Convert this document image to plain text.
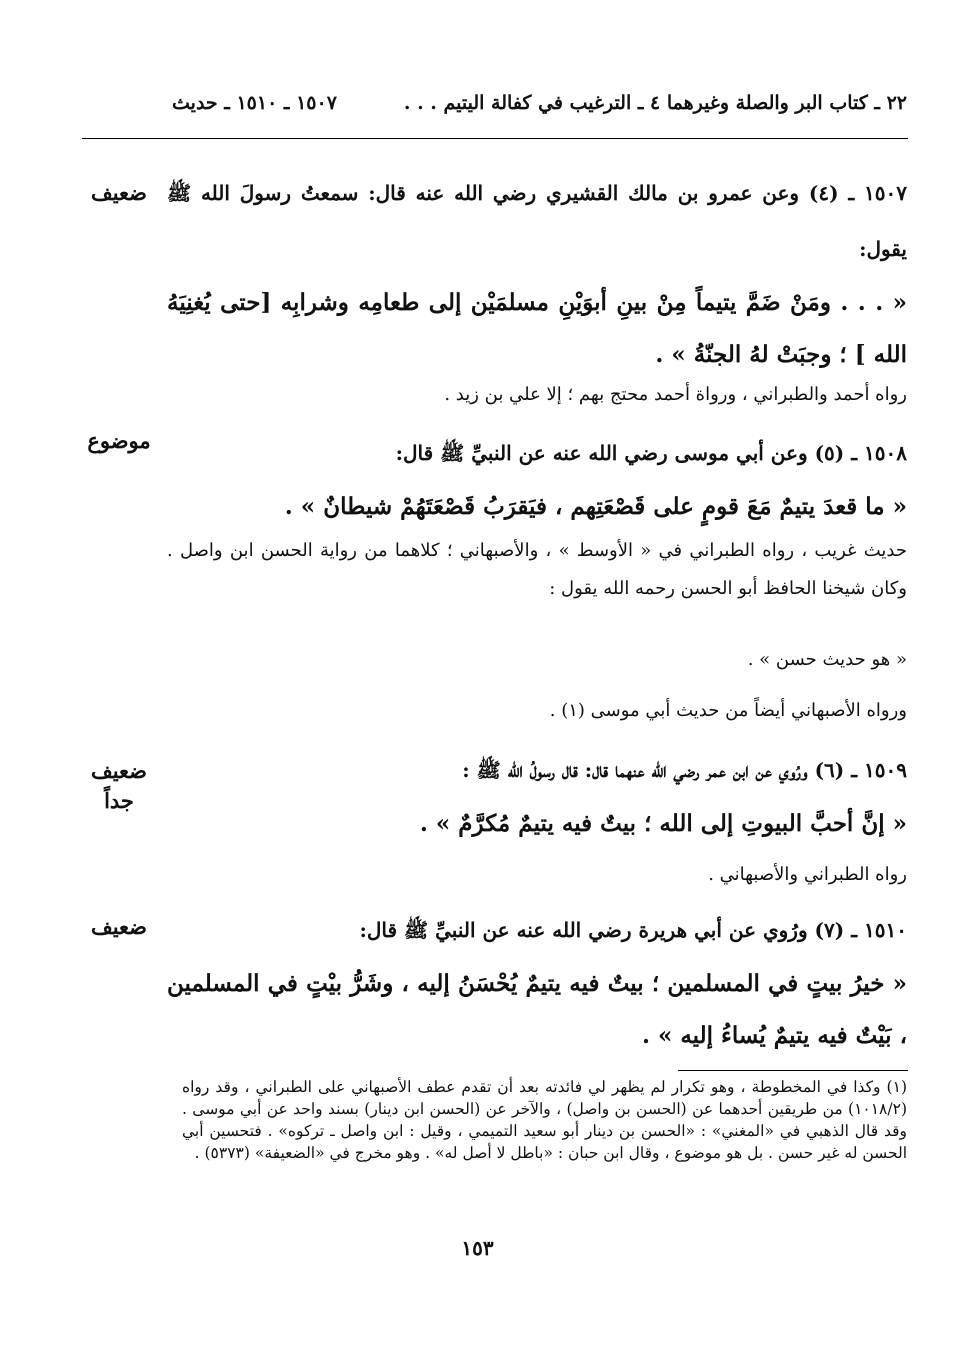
٢٢ ـ كتاب البر والصلة وغيرهما ٤ ـ الترغيب في كفالة اليتيم . . .
١٥٠٧ ـ ١٥١٠ ـ حديث
ضعيف ١٥٠٧ ـ (٤) وعن عمرو بن مالك القشيري رضي الله عنه قال: سمعتُ رسولَ الله ﷺ يقول:
« . . . ومَنْ ضَمَّ يتيماً مِنْ بينِ أبوَيْنِ مسلمَيْن إلى طعامِه وشرابِه [حتى يُغنِيَهُ الله ] ؛ وجبَتْ لهُ الجنّةُ » .
رواه أحمد والطبراني ، ورواة أحمد محتج بهم ؛ إلا علي بن زيد .
موضوع	١٥٠٨ ـ (٥) وعن أبي موسى رضي الله عنه عن النبيِّ ﷺ قال:
« ما قعدَ يتيمٌ مَعَ قومٍ على قَصْعَتِهم ، فيَقرَبُ قَصْعَتَهُمْ شيطانٌ » .
حديث غريب ، رواه الطبراني في « الأوسط » ، والأصبهاني ؛ كلاهما من رواية الحسن ابن واصل . وكان شيخنا الحافظ أبو الحسن رحمه الله يقول :
« هو حديث حسن » .
ورواه الأصبهاني أيضاً من حديث أبي موسى (١) .
ضعيف جداً
١٥٠٩ ـ (٦) ورُوي عن ابن عمر رضي الله عنهما قال: قال رسولُ الله ﷺ :
« إنَّ أحبَّ البيوتِ إلى الله ؛ بيتٌ فيه يتيمٌ مُكرَّمٌ » .
رواه الطبراني والأصبهاني .
ضعيف	١٥١٠ ـ (٧) ورُوي عن أبي هريرة رضي الله عنه عن النبيِّ ﷺ قال:
« خيرُ بيتٍ في المسلمين ؛ بيتٌ فيه يتيمٌ يُحْسَنُ إليه ، وشَرُّ بيْتٍ في المسلمين ، بَيْتٌ فيه يتيمٌ يُساءُ إليه » .
(١) وكذا في المخطوطة ، وهو تكرار لم يظهر لي فائدته بعد أن تقدم عطف الأصبهاني على الطبراني ، وقد رواه (١٠١٨/٢) من طريقين أحدهما عن (الحسن بن واصل) ، والآخر عن (الحسن ابن دينار) بسند واحد عن أبي موسى . وقد قال الذهبي في «المغني» : «الحسن بن دينار أبو سعيد التميمي ، وقيل : ابن واصل ـ تركوه» . فتحسين أبي الحسن له غير حسن . بل هو موضوع ، وقال ابن حبان : «باطل لا أصل له» . وهو مخرج في «الضعيفة» (٥٣٧٣) .
١٥٣
